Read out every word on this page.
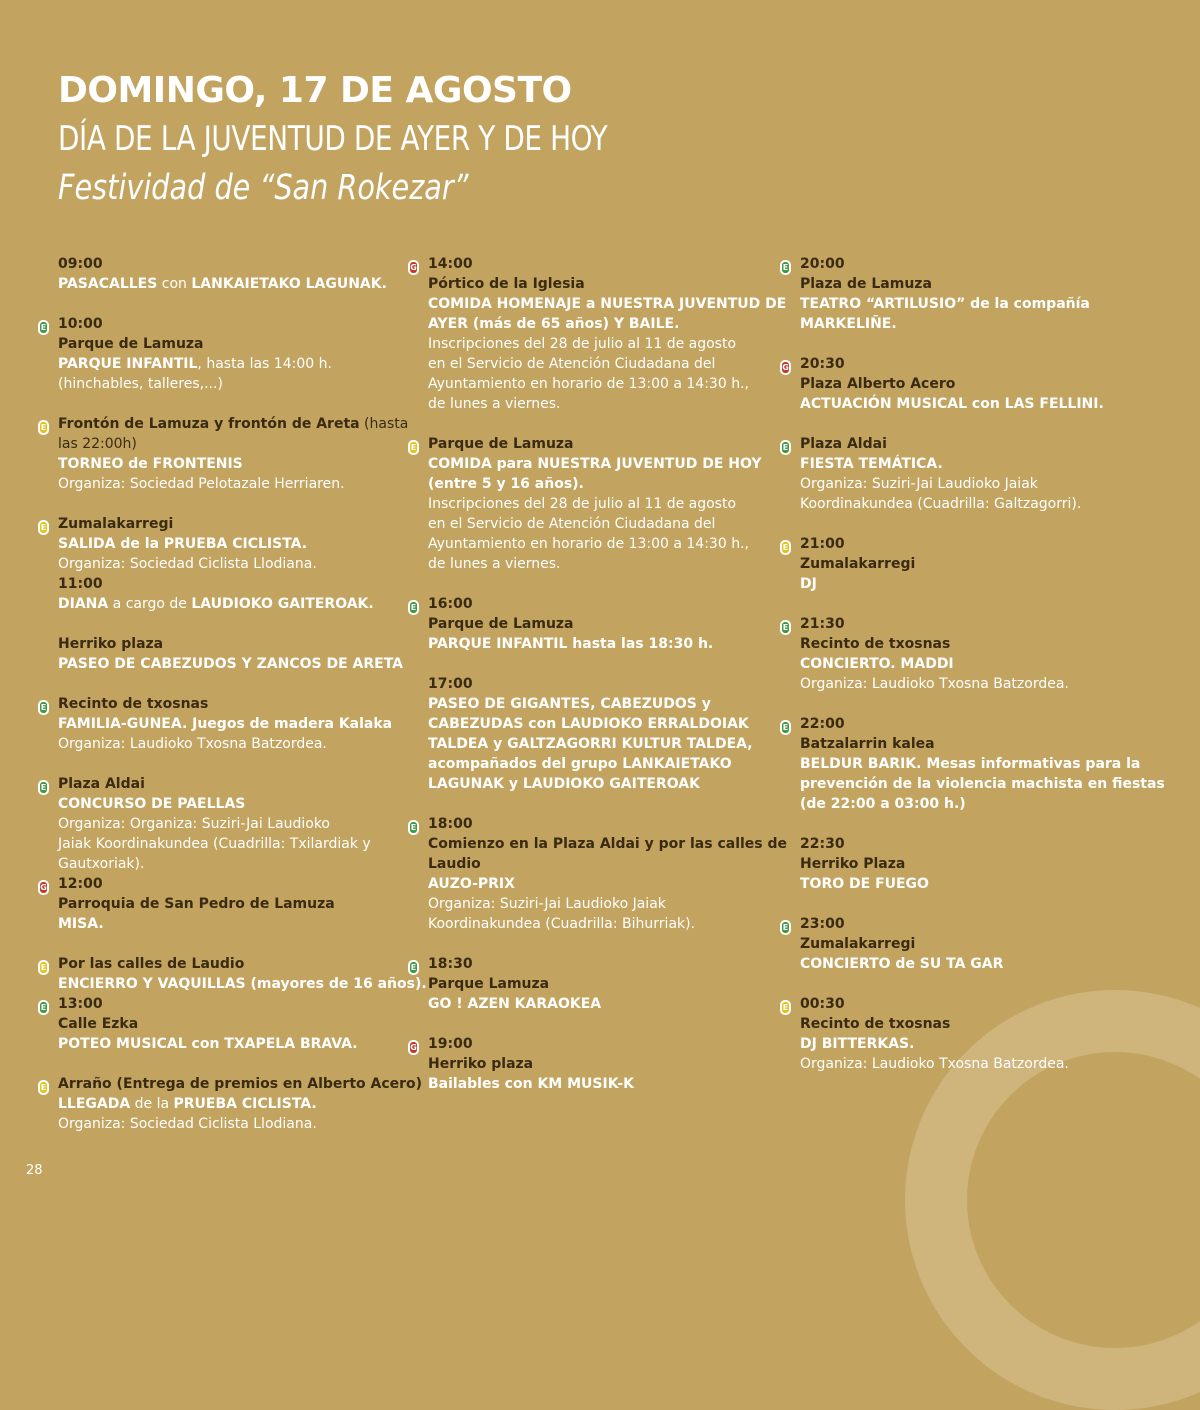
DOMINGO, 17 DE AGOSTO
DÍA DE LA JUVENTUD DE AYER Y DE HOY
Festividad de “San Rokezar”
09:00
PASACALLES con LANKAIETAKO LAGUNAK.
E 10:00
Parque de Lamuza
PARQUE INFANTIL, hasta las 14:00 h.
(hinchables, talleres,...)
E Frontón de Lamuza y frontón de Areta (hasta
las 22:00h)
TORNEO de FRONTENIS
Organiza: Sociedad Pelotazale Herriaren.
E Zumalakarregi
SALIDA de la PRUEBA CICLISTA.
Organiza: Sociedad Ciclista Llodiana.
11:00
DIANA a cargo de LAUDIOKO GAITEROAK.
Herriko plaza
PASEO DE CABEZUDOS Y ZANCOS DE ARETA
E Recinto de txosnas
FAMILIA-GUNEA. Juegos de madera Kalaka
Organiza: Laudioko Txosna Batzordea.
E Plaza Aldai
CONCURSO DE PAELLAS
Organiza: Organiza: Suziri-Jai Laudioko
Jaiak Koordinakundea (Cuadrilla: Txilardiak y
Gautxoriak).
G 12:00
Parroquia de San Pedro de Lamuza
MISA.
E Por las calles de Laudio
ENCIERRO Y VAQUILLAS (mayores de 16 años).
E 13:00
Calle Ezka
POTEO MUSICAL con TXAPELA BRAVA.
E Arraño (Entrega de premios en Alberto Acero)
LLEGADA de la PRUEBA CICLISTA.
Organiza: Sociedad Ciclista Llodiana.
G 14:00
Pórtico de la Iglesia
COMIDA HOMENAJE a NUESTRA JUVENTUD DE
AYER (más de 65 años) Y BAILE.
Inscripciones del 28 de julio al 11 de agosto
en el Servicio de Atención Ciudadana del
Ayuntamiento en horario de 13:00 a 14:30 h.,
de lunes a viernes.
E Parque de Lamuza
COMIDA para NUESTRA JUVENTUD DE HOY
(entre 5 y 16 años).
Inscripciones del 28 de julio al 11 de agosto
en el Servicio de Atención Ciudadana del
Ayuntamiento en horario de 13:00 a 14:30 h.,
de lunes a viernes.
E 16:00
Parque de Lamuza
PARQUE INFANTIL hasta las 18:30 h.
17:00
PASEO DE GIGANTES, CABEZUDOS y
CABEZUDAS con LAUDIOKO ERRALDOIAK
TALDEA y GALTZAGORRI KULTUR TALDEA,
acompañados del grupo LANKAIETAKO
LAGUNAK y LAUDIOKO GAITEROAK
E 18:00
Comienzo en la Plaza Aldai y por las calles de
Laudio
AUZO-PRIX
Organiza: Suziri-Jai Laudioko Jaiak
Koordinakundea (Cuadrilla: Bihurriak).
E 18:30
Parque Lamuza
GO ! AZEN KARAOKEA
G 19:00
Herriko plaza
Bailables con KM MUSIK-K
E 20:00
Plaza de Lamuza
TEATRO “ARTILUSIO” de la compañía
MARKELIÑE.
G 20:30
Plaza Alberto Acero
ACTUACIÓN MUSICAL con LAS FELLINI.
E Plaza Aldai
FIESTA TEMÁTICA.
Organiza: Suziri-Jai Laudioko Jaiak
Koordinakundea (Cuadrilla: Galtzagorri).
E 21:00
Zumalakarregi
DJ
E 21:30
Recinto de txosnas
CONCIERTO. MADDI
Organiza: Laudioko Txosna Batzordea.
E 22:00
Batzalarrin kalea
BELDUR BARIK. Mesas informativas para la
prevención de la violencia machista en fiestas
(de 22:00 a 03:00 h.)
22:30
Herriko Plaza
TORO DE FUEGO
E 23:00
Zumalakarregi
CONCIERTO de SU TA GAR
E 00:30
Recinto de txosnas
DJ BITTERKAS.
Organiza: Laudioko Txosna Batzordea.
28
